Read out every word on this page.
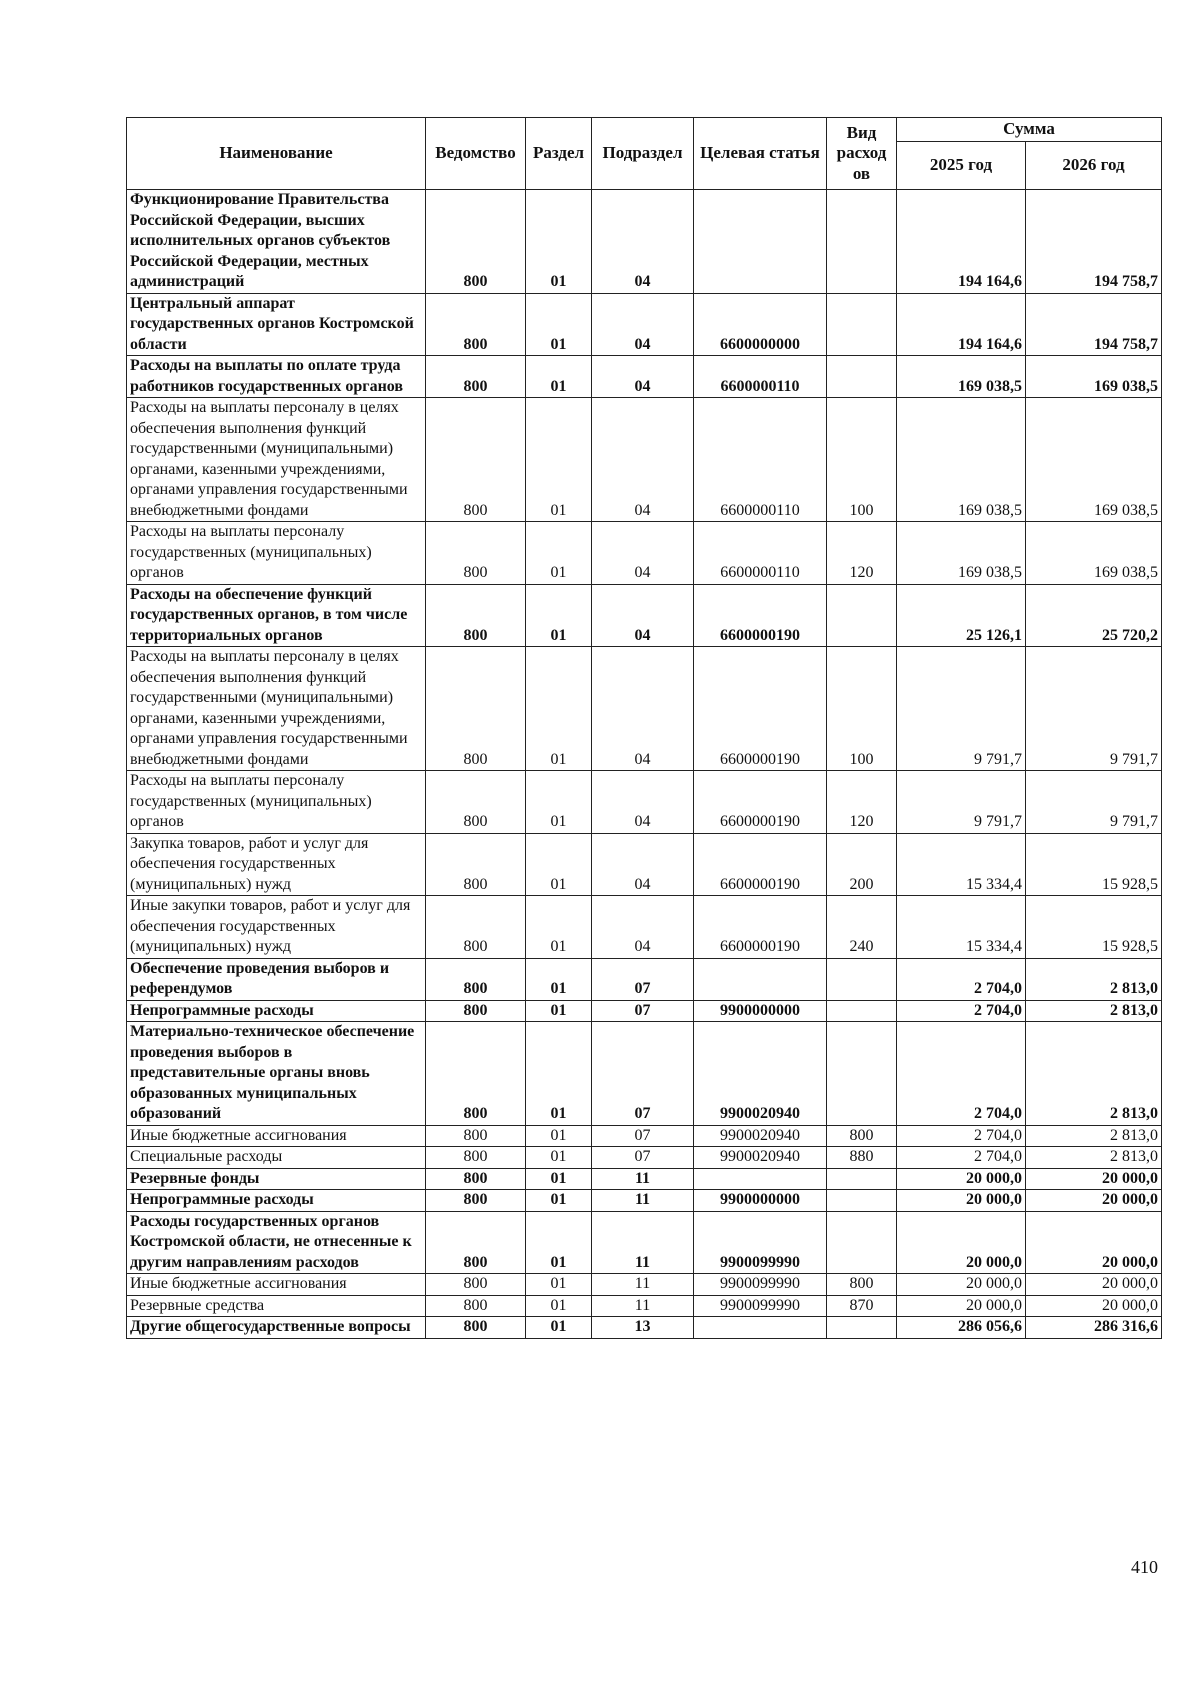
Наименование	Ведомство	Раздел	Подраздел	Целевая статья	Вид расход ов	Сумма	
						2025 год	2026 год
Функционирование Правительства Российской Федерации, высших исполнительных органов субъектов Российской Федерации, местных администраций	800	01	04			194 164,6	194 758,7
Центральный аппарат государственных органов Костромской области	800	01	04	6600000000		194 164,6	194 758,7
Расходы на выплаты по оплате труда работников государственных органов	800	01	04	6600000110		169 038,5	169 038,5
Расходы на выплаты персоналу в целях обеспечения выполнения функций государственными (муниципальными) органами, казенными учреждениями, органами управления государственными внебюджетными фондами	800	01	04	6600000110	100	169 038,5	169 038,5
Расходы на выплаты персоналу государственных (муниципальных) органов	800	01	04	6600000110	120	169 038,5	169 038,5
Расходы на обеспечение функций государственных органов, в том числе территориальных органов	800	01	04	6600000190		25 126,1	25 720,2
Расходы на выплаты персоналу в целях обеспечения выполнения функций государственными (муниципальными) органами, казенными учреждениями, органами управления государственными внебюджетными фондами	800	01	04	6600000190	100	9 791,7	9 791,7
Расходы на выплаты персоналу государственных (муниципальных) органов	800	01	04	6600000190	120	9 791,7	9 791,7
Закупка товаров, работ и услуг для обеспечения государственных (муниципальных) нужд	800	01	04	6600000190	200	15 334,4	15 928,5
Иные закупки товаров, работ и услуг для обеспечения государственных (муниципальных) нужд	800	01	04	6600000190	240	15 334,4	15 928,5
Обеспечение проведения выборов и референдумов	800	01	07			2 704,0	2 813,0
Непрограммные расходы	800	01	07	9900000000		2 704,0	2 813,0
Материально-техническое обеспечение проведения выборов в представительные органы вновь образованных муниципальных образований	800	01	07	9900020940		2 704,0	2 813,0
Иные бюджетные ассигнования	800	01	07	9900020940	800	2 704,0	2 813,0
Специальные расходы	800	01	07	9900020940	880	2 704,0	2 813,0
Резервные фонды	800	01	11			20 000,0	20 000,0
Непрограммные расходы	800	01	11	9900000000		20 000,0	20 000,0
Расходы государственных органов Костромской области, не отнесенные к другим направлениям расходов	800	01	11	9900099990		20 000,0	20 000,0
Иные бюджетные ассигнования	800	01	11	9900099990	800	20 000,0	20 000,0
Резервные средства	800	01	11	9900099990	870	20 000,0	20 000,0
Другие общегосударственные вопросы	800	01	13			286 056,6	286 316,6
410
